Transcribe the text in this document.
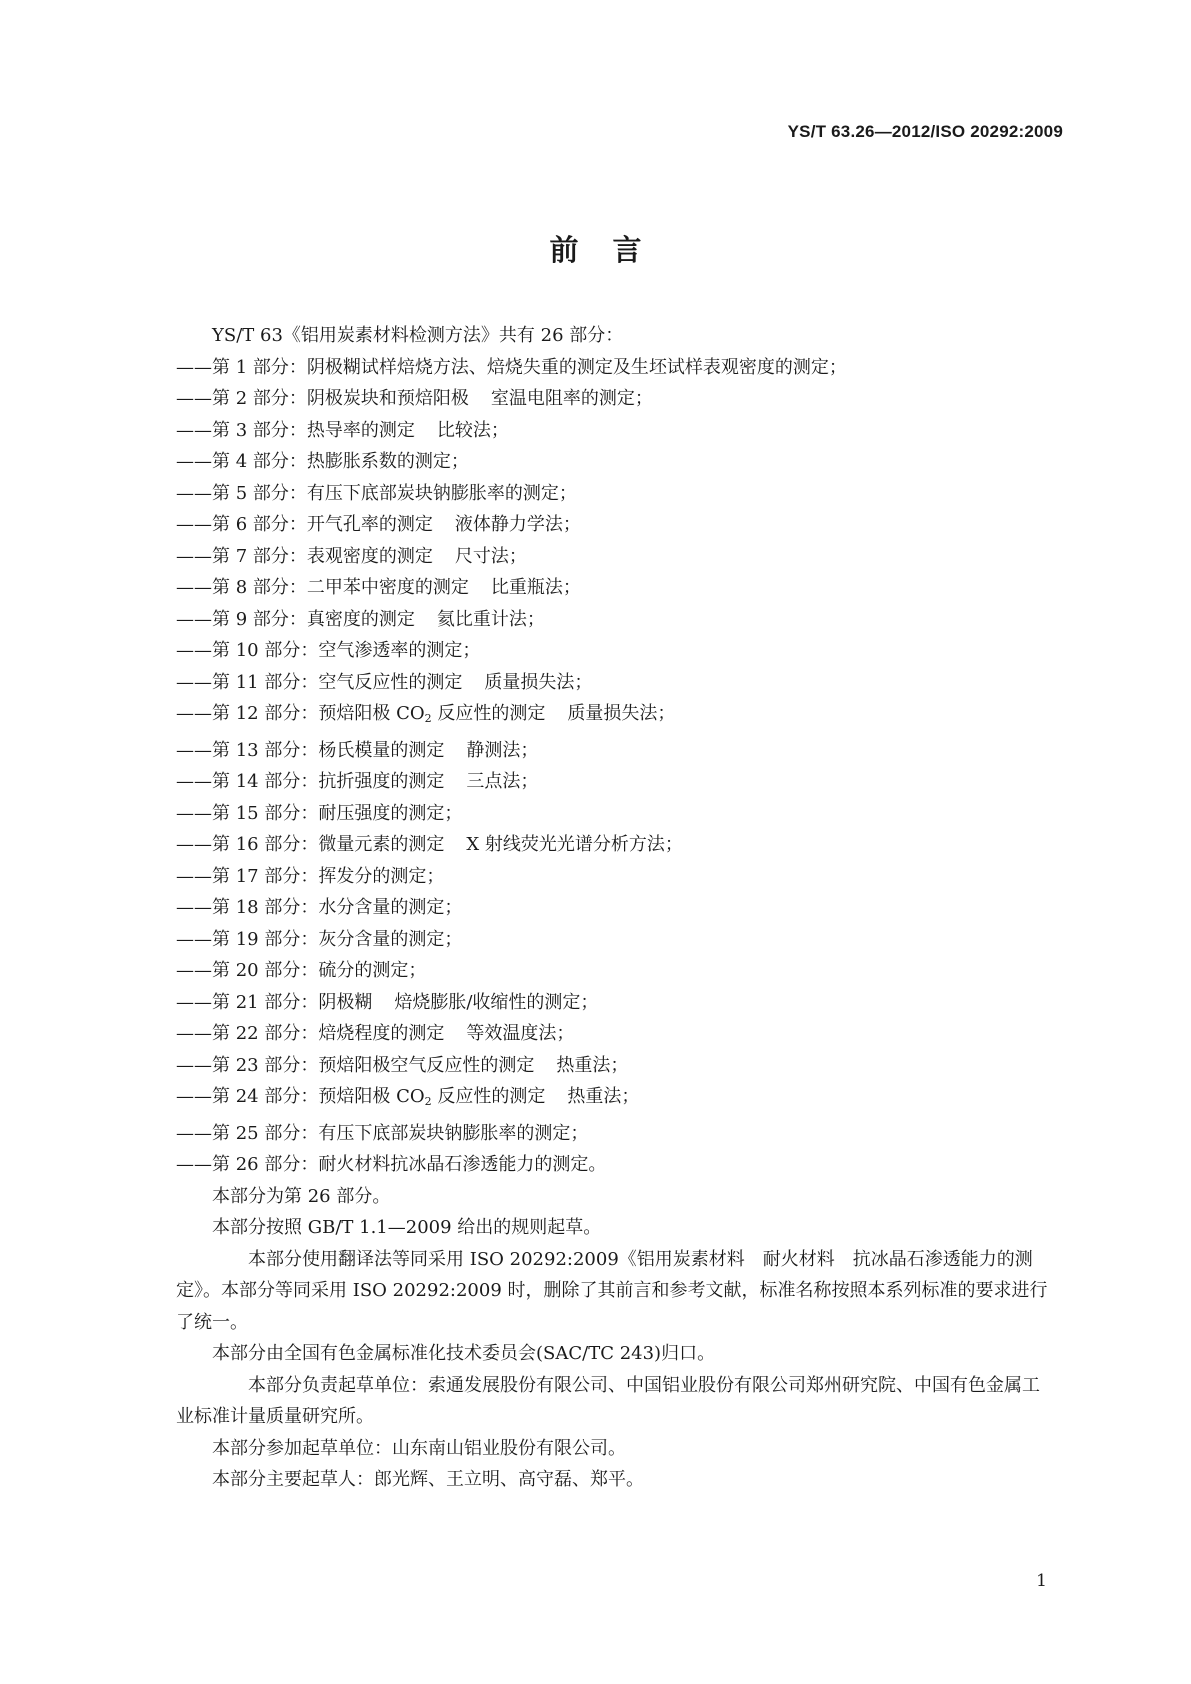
YS/T 63.26—2012/ISO 20292:2009
前言

YS/T 63《铝用炭素材料检测方法》共有 26 部分：

——第 1 部分：阴极糊试样焙烧方法、焙烧失重的测定及生坯试样表观密度的测定；

——第 2 部分：阴极炭块和预焙阳极 室温电阻率的测定；

——第 3 部分：热导率的测定 比较法；

——第 4 部分：热膨胀系数的测定；

——第 5 部分：有压下底部炭块钠膨胀率的测定；

——第 6 部分：开气孔率的测定 液体静力学法；

——第 7 部分：表观密度的测定 尺寸法；

——第 8 部分：二甲苯中密度的测定 比重瓶法；

——第 9 部分：真密度的测定 氦比重计法；

——第 10 部分：空气渗透率的测定；

——第 11 部分：空气反应性的测定 质量损失法；

——第 12 部分：预焙阳极 $CO_2$ 反应性的测定 质量损失法；

——第 13 部分：杨氏模量的测定 静测法；

——第 14 部分：抗折强度的测定 三点法；

——第 15 部分：耐压强度的测定；

——第 16 部分：微量元素的测定 X 射线荧光光谱分析方法；

——第 17 部分：挥发分的测定；

——第 18 部分：水分含量的测定；

——第 19 部分：灰分含量的测定；

——第 20 部分：硫分的测定；

——第 21 部分：阴极糊 焙烧膨胀/收缩性的测定；

——第 22 部分：焙烧程度的测定 等效温度法；

——第 23 部分：预焙阳极空气反应性的测定 热重法；

——第 24 部分：预焙阳极 $CO_2$ 反应性的测定 热重法；

——第 25 部分：有压下底部炭块钠膨胀率的测定；

——第 26 部分：耐火材料抗冰晶石渗透能力的测定。

本部分为第 26 部分。

本部分按照 GB/T 1.1—2009 给出的规则起草。

本部分使用翻译法等同采用 ISO 20292:2009《铝用炭素材料　耐火材料　抗冰晶石渗透能力的测定》。本部分等同采用 ISO 20292:2009 时，删除了其前言和参考文献，标准名称按照本系列标准的要求进行了统一。

本部分由全国有色金属标准化技术委员会(SAC/TC 243)归口。

本部分负责起草单位：索通发展股份有限公司、中国铝业股份有限公司郑州研究院、中国有色金属工业标准计量质量研究所。

本部分参加起草单位：山东南山铝业股份有限公司。

本部分主要起草人：郎光辉、王立明、高守磊、郑平。

1
